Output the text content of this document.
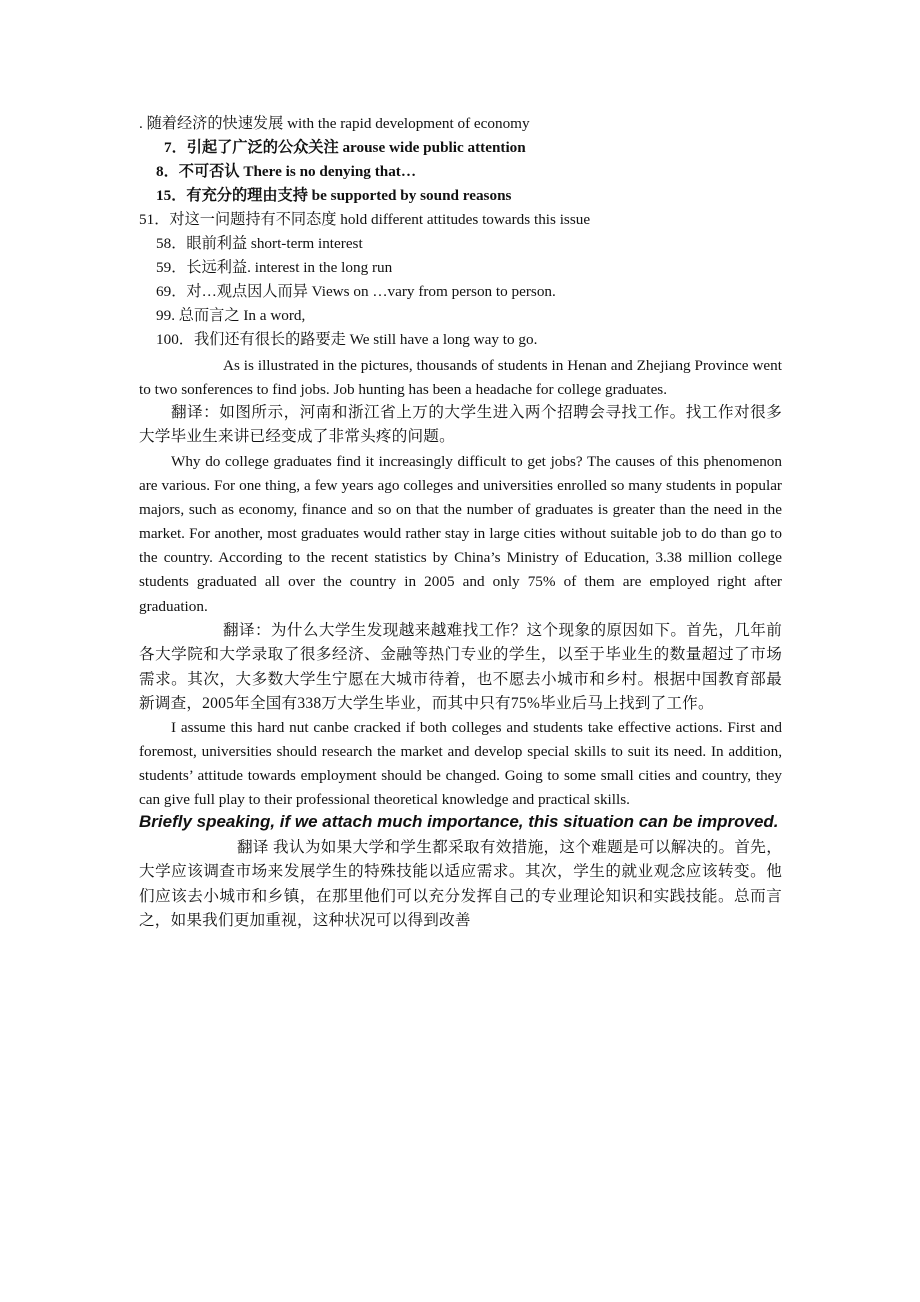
. 随着经济的快速发展 with the rapid development of economy
7．引起了广泛的公众关注 arouse wide public attention
8．不可否认 There is no denying that…
15．有充分的理由支持 be supported by sound reasons
51．对这一问题持有不同态度 hold different attitudes towards this issue
58．眼前利益 short-term interest
59．长远利益. interest in the long run
69．对…观点因人而异 Views on …vary from person to person.
99. 总而言之 In a word,
100．我们还有很长的路要走 We still have a long way to go.
As is illustrated in the pictures, thousands of students in Henan and Zhejiang Province went to two sonferences to find jobs. Job hunting has been a headache for college graduates.
翻译：如图所示，河南和浙江省上万的大学生进入两个招聘会寻找工作。找工作对很多大学毕业生来讲已经变成了非常头疼的问题。
Why do college graduates find it increasingly difficult to get jobs? The causes of this phenomenon are various. For one thing, a few years ago colleges and universities enrolled so many students in popular majors, such as economy, finance and so on that the number of graduates is greater than the need in the market. For another, most graduates would rather stay in large cities without suitable job to do than go to the country. According to the recent statistics by China’s Ministry of Education, 3.38 million college students graduated all over the country in 2005 and only 75% of them are employed right after graduation.
翻译：为什么大学生发现越来越难找工作？这个现象的原因如下。首先，几年前各大学院和大学录取了很多经济、金融等热门专业的学生，以至于毕业生的数量超过了市场需求。其次，大多数大学生宁愿在大城市待着，也不愿去小城市和乡村。根据中国教育部最新调查，2005年全国有338万大学生毕业，而其中只有75%毕业后马上找到了工作。
I assume this hard nut canbe cracked if both colleges and students take effective actions. First and foremost, universities should research the market and develop special skills to suit its need. In addition, students’ attitude towards employment should be changed. Going to some small cities and country, they can give full play to their professional theoretical knowledge and practical skills.
Briefly speaking, if we attach much importance, this situation can be improved.
翻译 我认为如果大学和学生都采取有效措施，这个难题是可以解决的。首先，大学应该调查市场来发展学生的特殊技能以适应需求。其次，学生的就业观念应该转变。他们应该去小城市和乡镇，在那里他们可以充分发挥自己的专业理论知识和实践技能。总而言之，如果我们更加重视，这种状况可以得到改善
